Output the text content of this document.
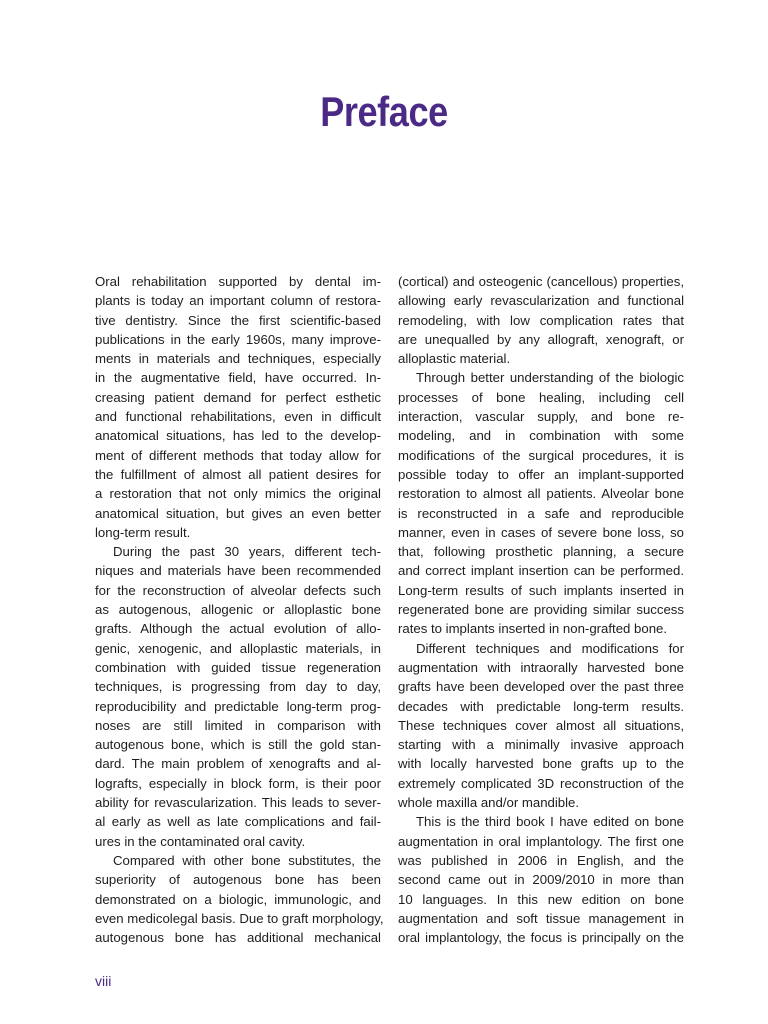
Preface
Oral rehabilitation supported by dental im-
plants is today an important column of restora-
tive dentistry. Since the first scientific-based
publications in the early 1960s, many improve-
ments in materials and techniques, especially
in the augmentative field, have occurred. In-
creasing patient demand for perfect esthetic
and functional rehabilitations, even in difficult
anatomical situations, has led to the develop-
ment of different methods that today allow for
the fulfillment of almost all patient desires for
a restoration that not only mimics the original
anatomical situation, but gives an even better
long-term result.
During the past 30 years, different tech-
niques and materials have been recommended
for the reconstruction of alveolar defects such
as autogenous, allogenic or alloplastic bone
grafts. Although the actual evolution of allo-
genic, xenogenic, and alloplastic materials, in
combination with guided tissue regeneration
techniques, is progressing from day to day,
reproducibility and predictable long-term prog-
noses are still limited in comparison with
autogenous bone, which is still the gold stan-
dard. The main problem of xenografts and al-
lografts, especially in block form, is their poor
ability for revascularization. This leads to sever-
al early as well as late complications and fail-
ures in the contaminated oral cavity.
Compared with other bone substitutes, the
superiority of autogenous bone has been
demonstrated on a biologic, immunologic, and
even medicolegal basis. Due to graft morphology,
autogenous bone has additional mechanical
(cortical) and osteogenic (cancellous) properties,
allowing early revascularization and functional
remodeling, with low complication rates that
are unequalled by any allograft, xenograft, or
alloplastic material.
Through better understanding of the biologic
processes of bone healing, including cell
interaction, vascular supply, and bone re-
modeling, and in combination with some
modifications of the surgical procedures, it is
possible today to offer an implant-supported
restoration to almost all patients. Alveolar bone
is reconstructed in a safe and reproducible
manner, even in cases of severe bone loss, so
that, following prosthetic planning, a secure
and correct implant insertion can be performed.
Long-term results of such implants inserted in
regenerated bone are providing similar success
rates to implants inserted in non-grafted bone.
Different techniques and modifications for
augmentation with intraorally harvested bone
grafts have been developed over the past three
decades with predictable long-term results.
These techniques cover almost all situations,
starting with a minimally invasive approach
with locally harvested bone grafts up to the
extremely complicated 3D reconstruction of the
whole maxilla and/or mandible.
This is the third book I have edited on bone
augmentation in oral implantology. The first one
was published in 2006 in English, and the
second came out in 2009/2010 in more than
10 languages. In this new edition on bone
augmentation and soft tissue management in
oral implantology, the focus is principally on the
viii
